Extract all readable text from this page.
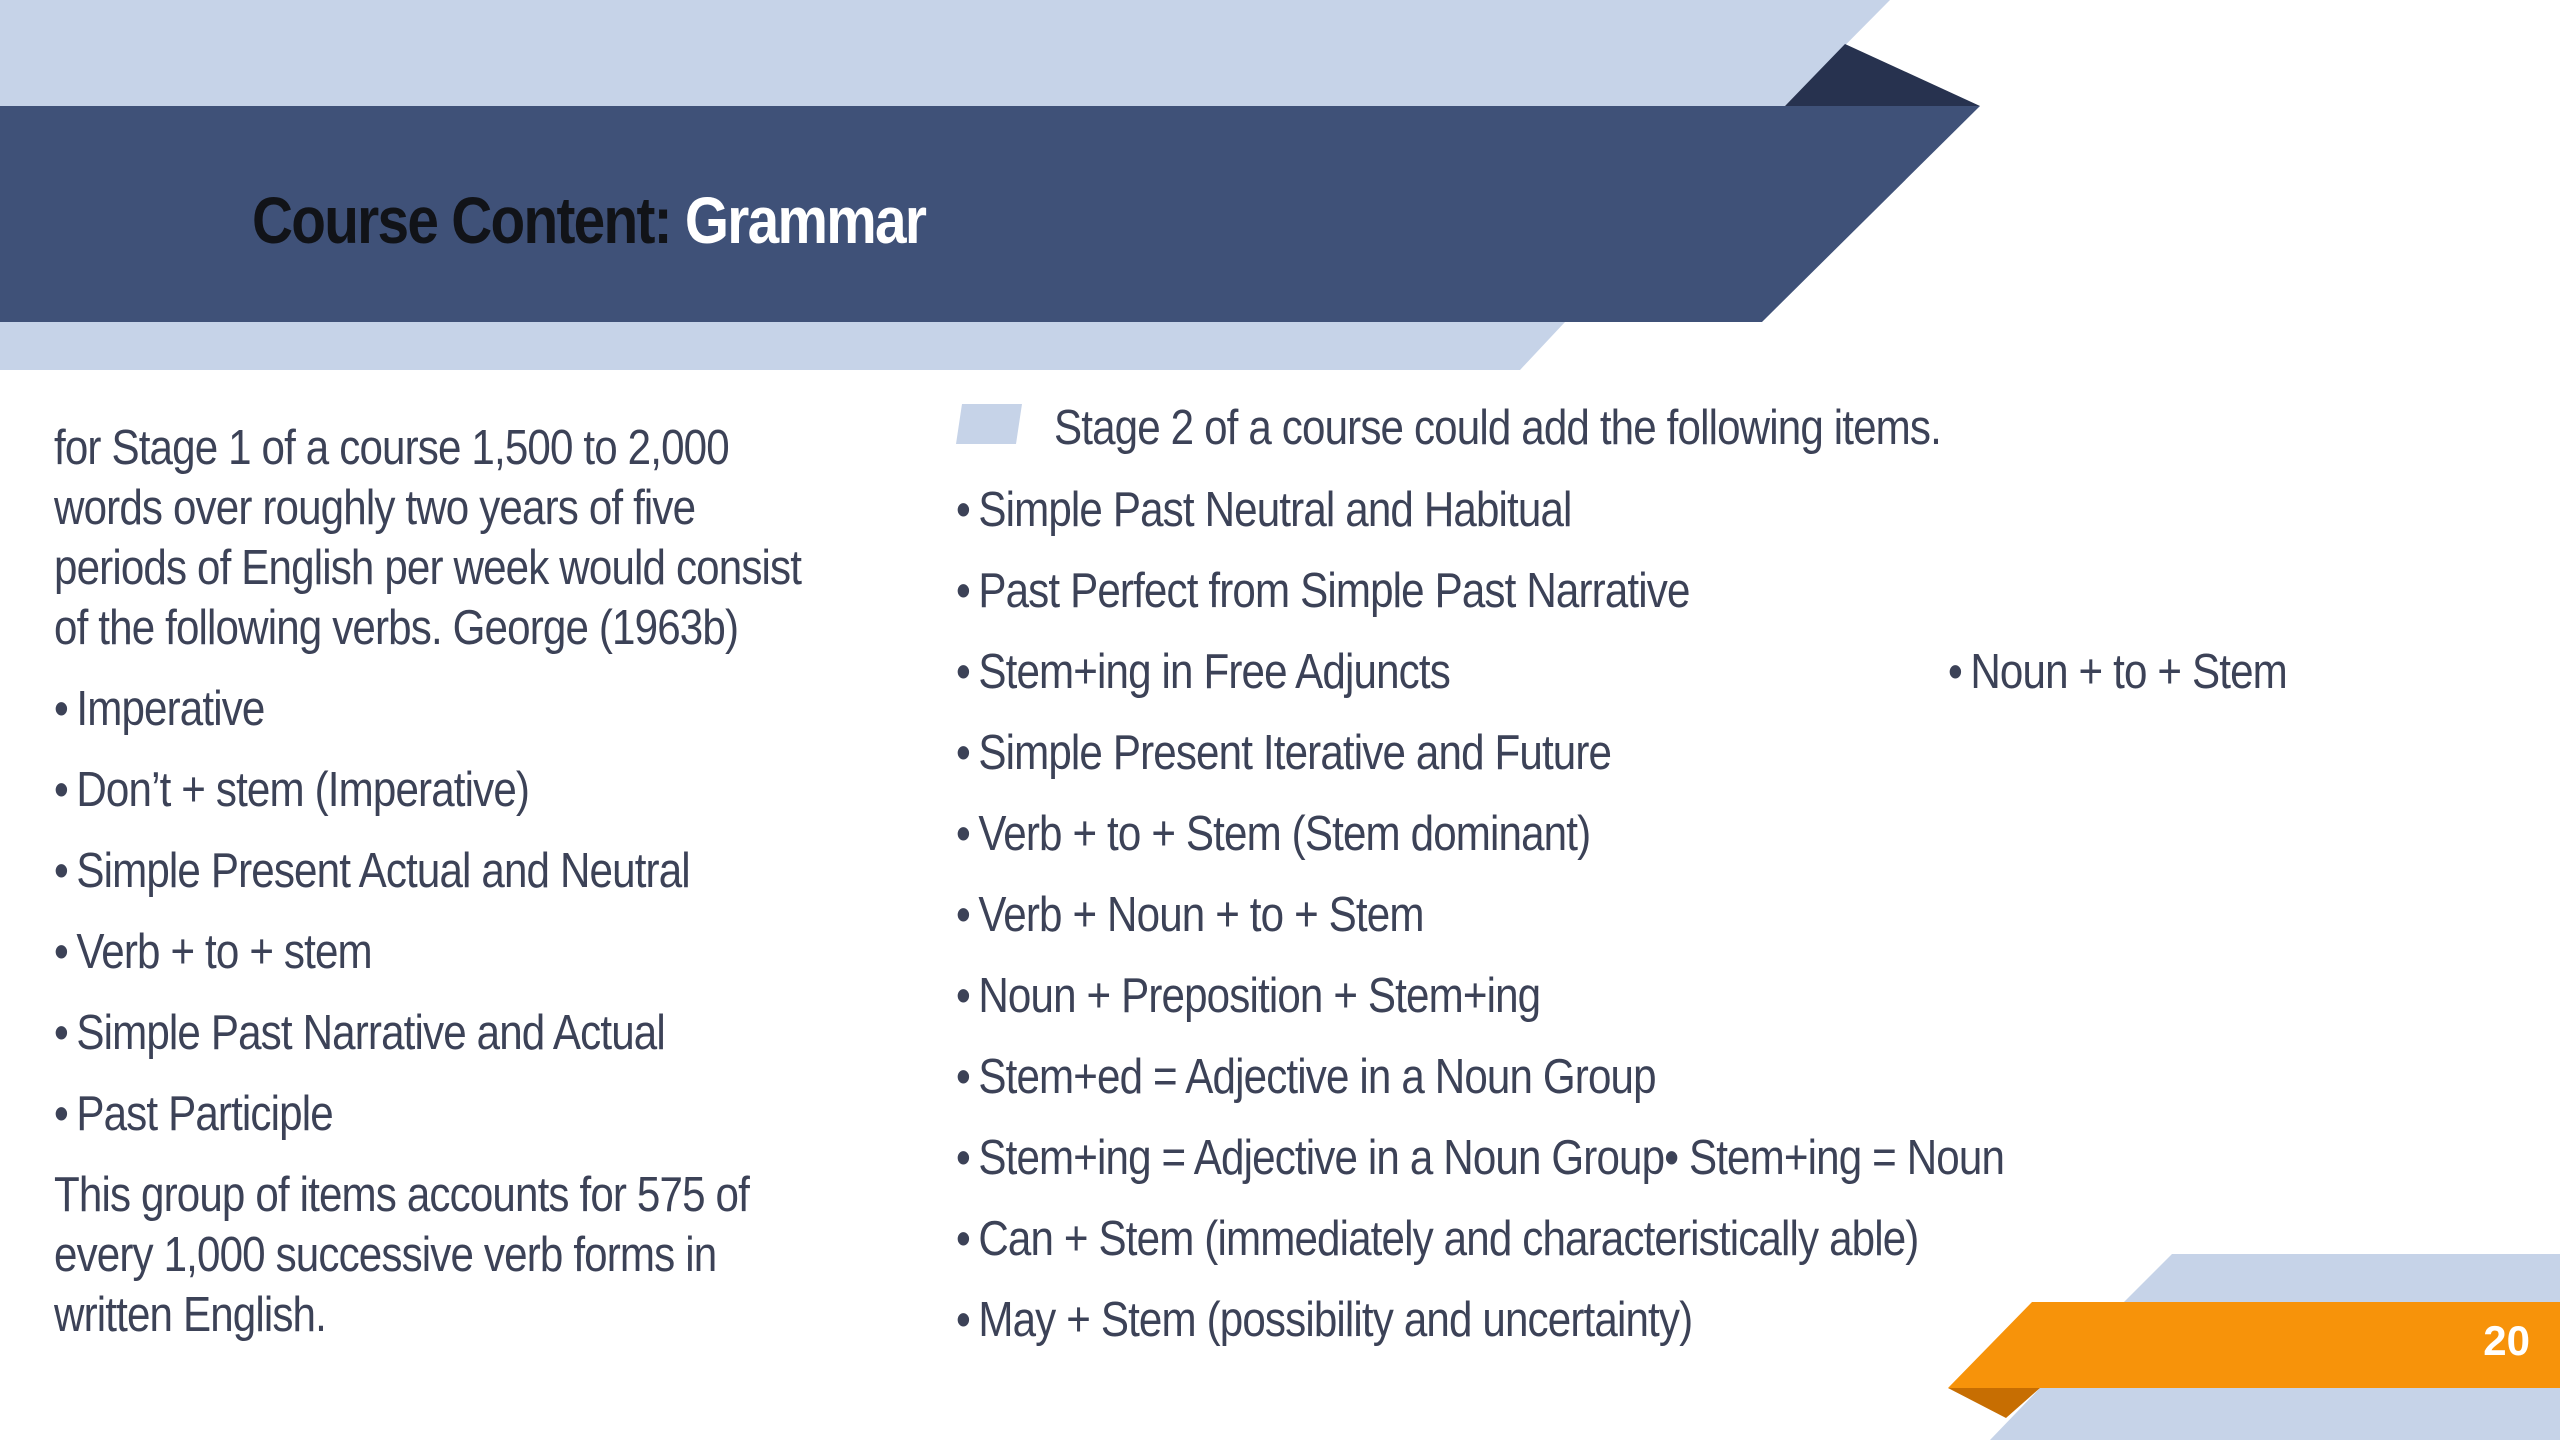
Course Content: Grammar
for Stage 1 of a course 1,500 to 2,000
words over roughly two years of five
periods of English per week would consist
of the following verbs. George (1963b)
• Imperative
• Don’t + stem (Imperative)
• Simple Present Actual and Neutral
• Verb + to + stem
• Simple Past Narrative and Actual
• Past Participle
This group of items accounts for 575 of
every 1,000 successive verb forms in
written English.
Stage 2 of a course could add the following items.
• Simple Past Neutral and Habitual
• Past Perfect from Simple Past Narrative
• Stem+ing in Free Adjuncts
• Simple Present Iterative and Future
• Verb + to + Stem (Stem dominant)
• Verb + Noun + to + Stem
• Noun + Preposition + Stem+ing
• Stem+ed = Adjective in a Noun Group
• Stem+ing = Adjective in a Noun Group• Stem+ing = Noun
• Can + Stem (immediately and characteristically able)
• May + Stem (possibility and uncertainty)
• Noun + to + Stem
20
